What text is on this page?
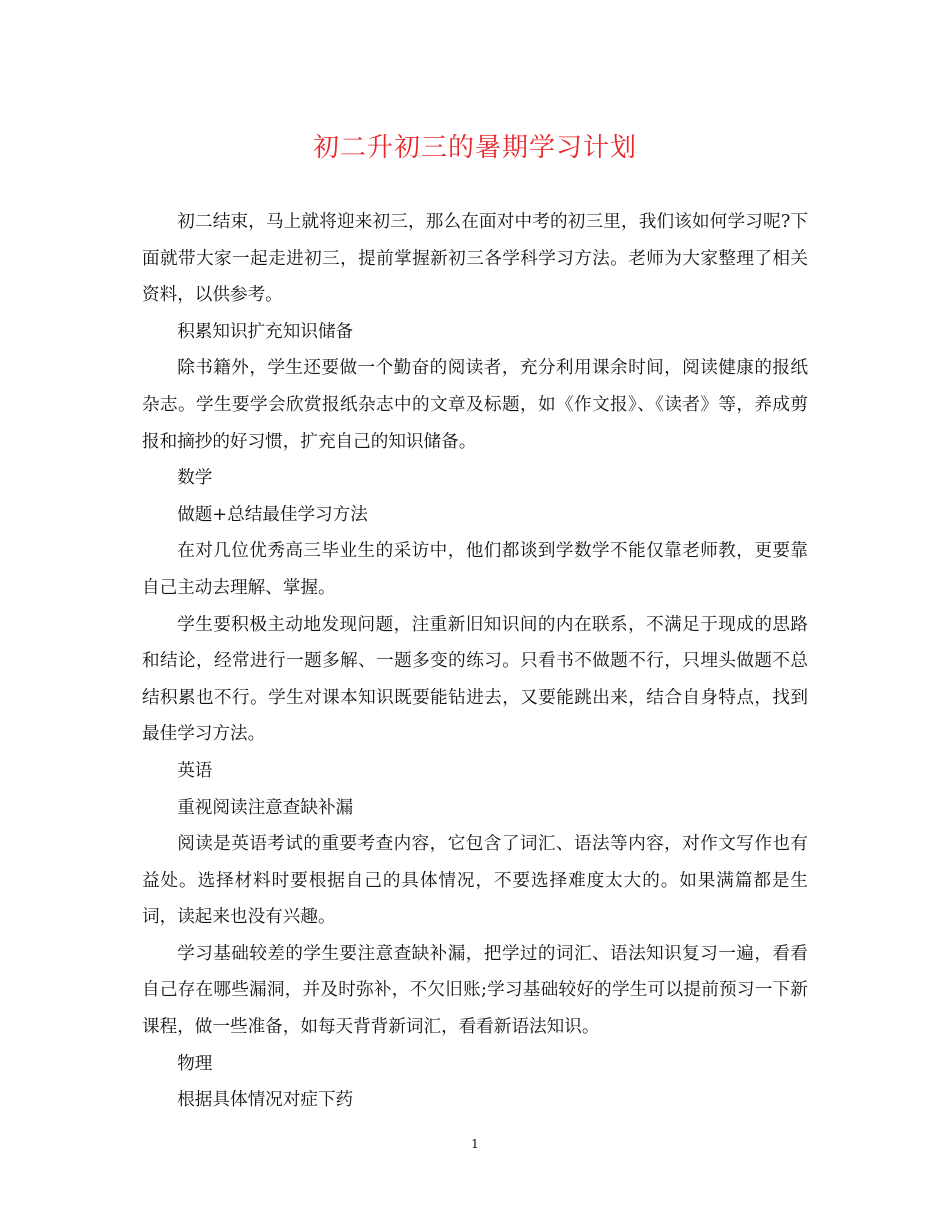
初二升初三的暑期学习计划

初二结束，马上就将迎来初三，那么在面对中考的初三里，我们该如何学习呢?下面就带大家一起走进初三，提前掌握新初三各学科学习方法。老师为大家整理了相关资料，以供参考。

积累知识扩充知识储备

除书籍外，学生还要做一个勤奋的阅读者，充分利用课余时间，阅读健康的报纸杂志。学生要学会欣赏报纸杂志中的文章及标题，如《作文报》、《读者》等，养成剪报和摘抄的好习惯，扩充自己的知识储备。

数学

做题+总结最佳学习方法

在对几位优秀高三毕业生的采访中，他们都谈到学数学不能仅靠老师教，更要靠自己主动去理解、掌握。

学生要积极主动地发现问题，注重新旧知识间的内在联系，不满足于现成的思路和结论，经常进行一题多解、一题多变的练习。只看书不做题不行，只埋头做题不总结积累也不行。学生对课本知识既要能钻进去，又要能跳出来，结合自身特点，找到最佳学习方法。

英语

重视阅读注意查缺补漏

阅读是英语考试的重要考查内容，它包含了词汇、语法等内容，对作文写作也有益处。选择材料时要根据自己的具体情况，不要选择难度太大的。如果满篇都是生词，读起来也没有兴趣。

学习基础较差的学生要注意查缺补漏，把学过的词汇、语法知识复习一遍，看看自己存在哪些漏洞，并及时弥补，不欠旧账;学习基础较好的学生可以提前预习一下新课程，做一些准备，如每天背背新词汇，看看新语法知识。

物理

根据具体情况对症下药

1
